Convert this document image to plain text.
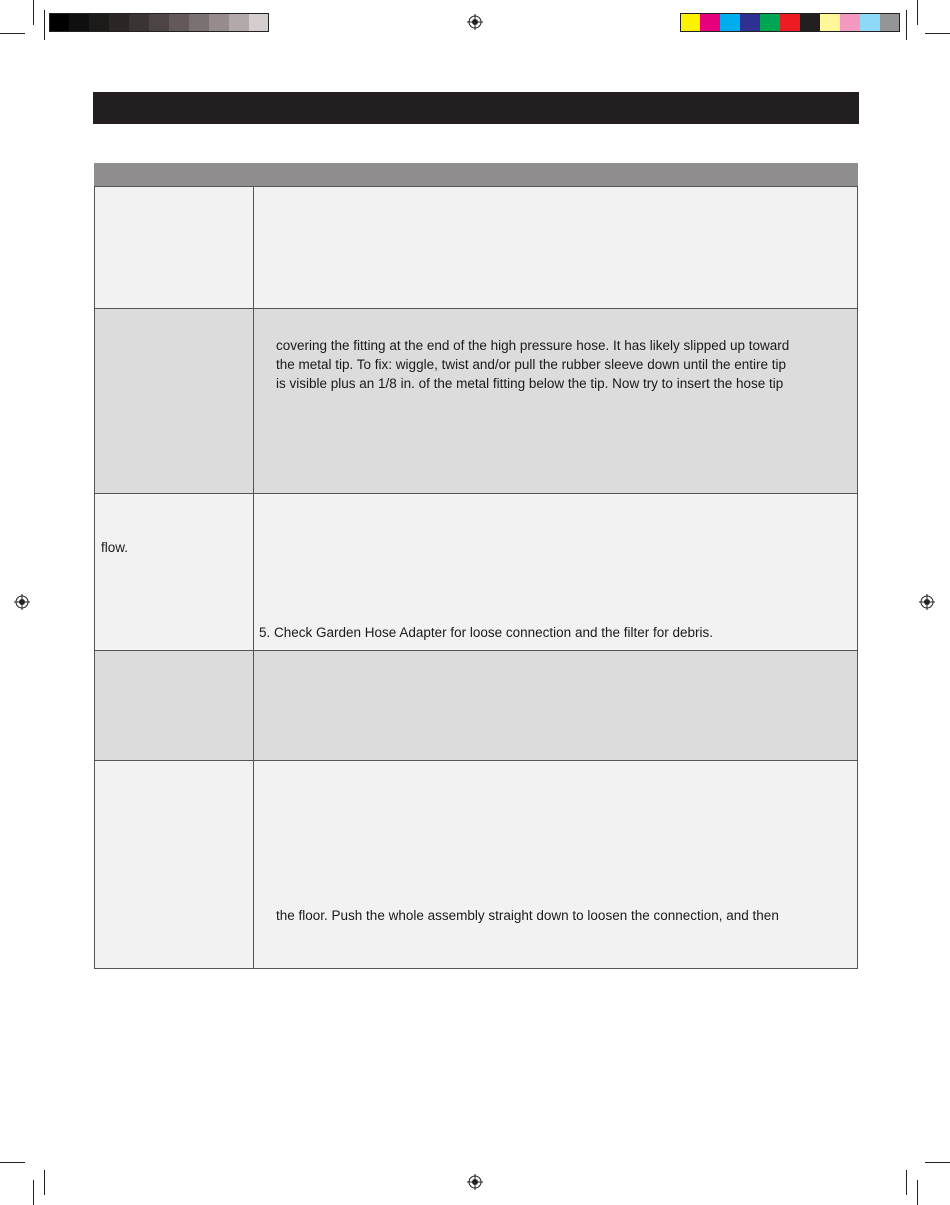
covering the fitting at the end of the high pressure hose. It has likely slipped up toward
the metal tip. To fix: wiggle, twist and/or pull the rubber sleeve down until the entire tip
is visible plus an 1/8 in. of the metal fitting below the tip. Now try to insert the hose tip
flow.
5. Check Garden Hose Adapter for loose connection and the filter for debris.
the floor. Push the whole assembly straight down to loosen the connection, and then
